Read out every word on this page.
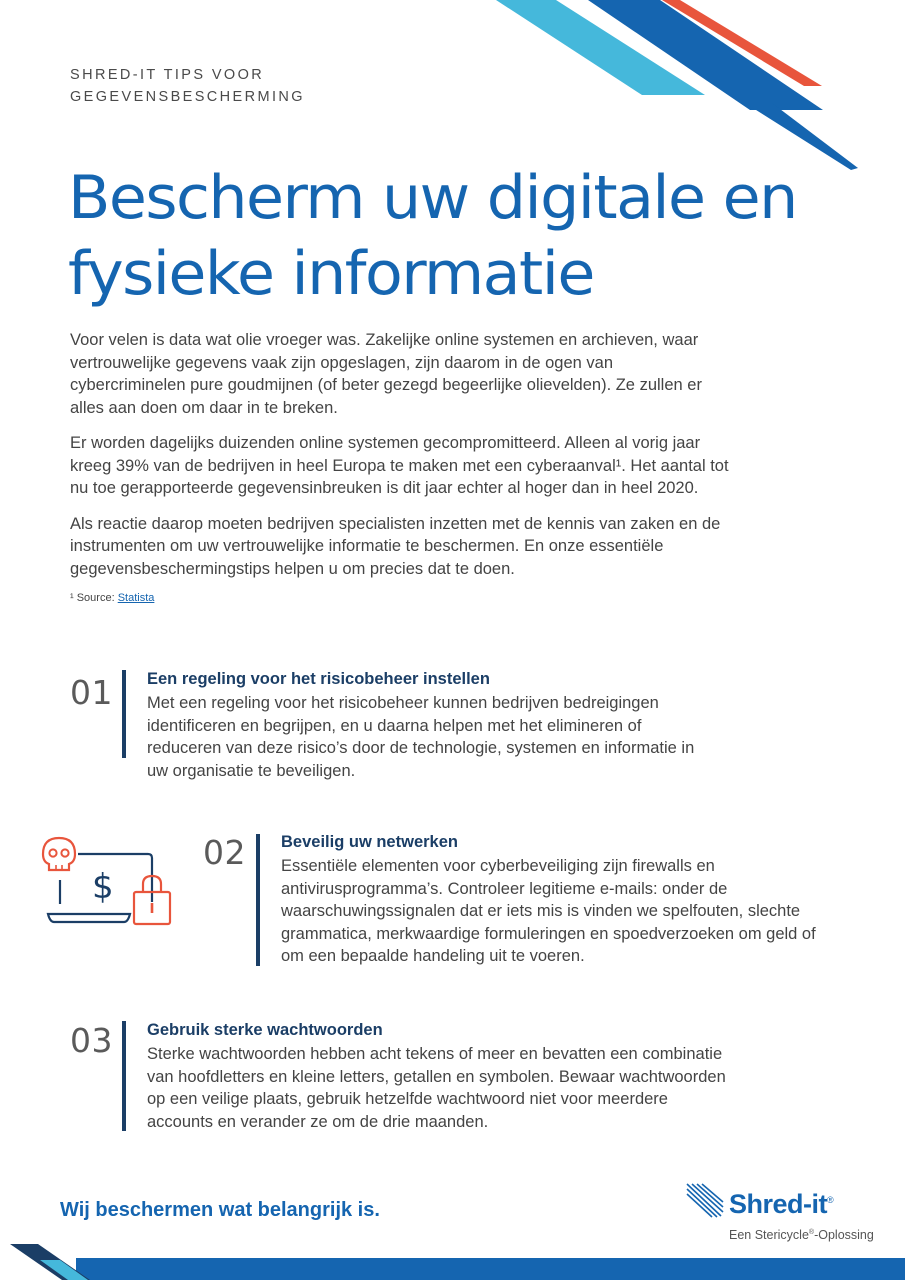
SHRED-IT TIPS VOOR
GEGEVENSBESCHERMING
Bescherm uw digitale en fysieke informatie

Voor velen is data wat olie vroeger was. Zakelijke online systemen en archieven, waar vertrouwelijke gegevens vaak zijn opgeslagen, zijn daarom in de ogen van cybercriminelen pure goudmijnen (of beter gezegd begeerlijke olievelden). Ze zullen er alles aan doen om daar in te breken.

Er worden dagelijks duizenden online systemen gecompromitteerd. Alleen al vorig jaar kreeg 39% van de bedrijven in heel Europa te maken met een cyberaanval¹. Het aantal tot nu toe gerapporteerde gegevensinbreuken is dit jaar echter al hoger dan in heel 2020.

Als reactie daarop moeten bedrijven specialisten inzetten met de kennis van zaken en de instrumenten om uw vertrouwelijke informatie te beschermen. En onze essentiële gegevensbeschermingstips helpen u om precies dat te doen.

¹ Source: Statista

01 Een regeling voor het risicobeheer instellen

Met een regeling voor het risicobeheer kunnen bedrijven bedreigingen identificeren en begrijpen, en u daarna helpen met het elimineren of reduceren van deze risico’s door de technologie, systemen en informatie in uw organisatie te beveiligen.

$
02 Beveilig uw netwerken

Essentiële elementen voor cyberbeveiliging zijn firewalls en antivirusprogramma’s. Controleer legitieme e-mails: onder de waarschuwingssignalen dat er iets mis is vinden we spelfouten, slechte grammatica, merkwaardige formuleringen en spoedverzoeken om geld of om een bepaalde handeling uit te voeren.

03 Gebruik sterke wachtwoorden

Sterke wachtwoorden hebben acht tekens of meer en bevatten een combinatie van hoofdletters en kleine letters, getallen en symbolen. Bewaar wachtwoorden op een veilige plaats, gebruik hetzelfde wachtwoord niet voor meerdere accounts en verander ze om de drie maanden.

Wij beschermen wat belangrijk is.	Shred-it®
Een Stericycle®-Oplossing
